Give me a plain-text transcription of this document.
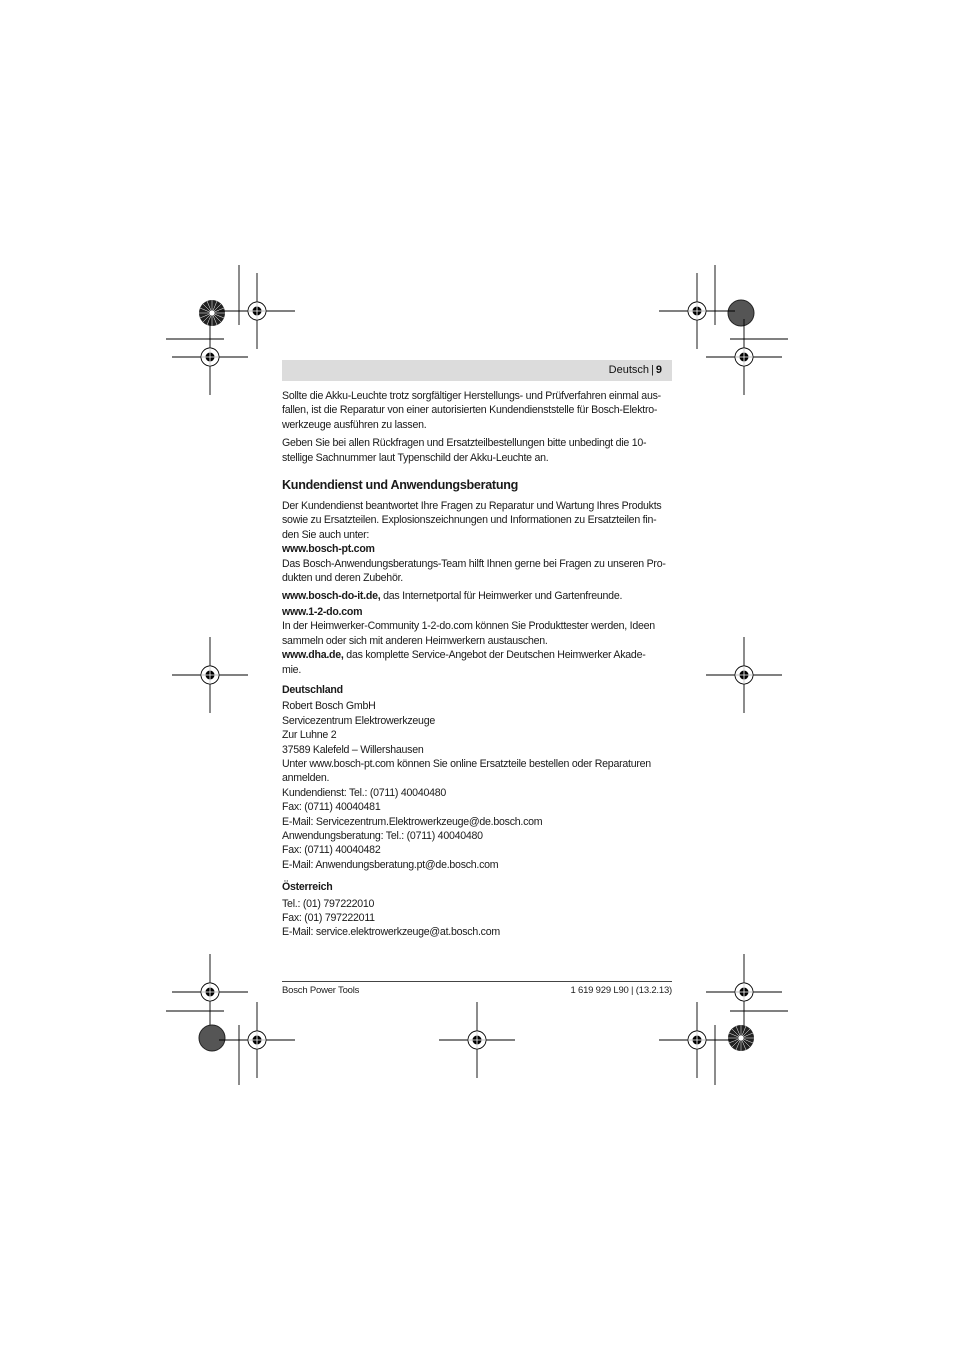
Deutsch | 9

Sollte die Akku-Leuchte trotz sorgfältiger Herstellungs- und Prüfverfahren einmal aus-
fallen, ist die Reparatur von einer autorisierten Kundendienststelle für Bosch-Elektro-
werkzeuge ausführen zu lassen.

Geben Sie bei allen Rückfragen und Ersatzteilbestellungen bitte unbedingt die 10-
stellige Sachnummer laut Typenschild der Akku-Leuchte an.

Kundendienst und Anwendungsberatung

Der Kundendienst beantwortet Ihre Fragen zu Reparatur und Wartung Ihres Produkts
sowie zu Ersatzteilen. Explosionszeichnungen und Informationen zu Ersatzteilen fin-
den Sie auch unter:

www.bosch-pt.com

Das Bosch-Anwendungsberatungs-Team hilft Ihnen gerne bei Fragen zu unseren Pro-
dukten und deren Zubehör.

www.bosch-do-it.de, das Internetportal für Heimwerker und Gartenfreunde.

www.1-2-do.com

In der Heimwerker-Community 1-2-do.com können Sie Produkttester werden, Ideen
sammeln oder sich mit anderen Heimwerkern austauschen.

www.dha.de, das komplette Service-Angebot der Deutschen Heimwerker Akade-
mie.

Deutschland

Robert Bosch GmbH
Servicezentrum Elektrowerkzeuge
Zur Luhne 2
37589 Kalefeld – Willershausen
Unter www.bosch-pt.com können Sie online Ersatzteile bestellen oder Reparaturen
anmelden.
Kundendienst: Tel.: (0711) 40040480
Fax: (0711) 40040481
E-Mail: Servicezentrum.Elektrowerkzeuge@de.bosch.com
Anwendungsberatung: Tel.: (0711) 40040480
Fax: (0711) 40040482
E-Mail: Anwendungsberatung.pt@de.bosch.com

Österreich

Tel.: (01) 797222010
Fax: (01) 797222011
E-Mail: service.elektrowerkzeuge@at.bosch.com

Bosch Power Tools	1 619 929 L90 | (13.2.13)
